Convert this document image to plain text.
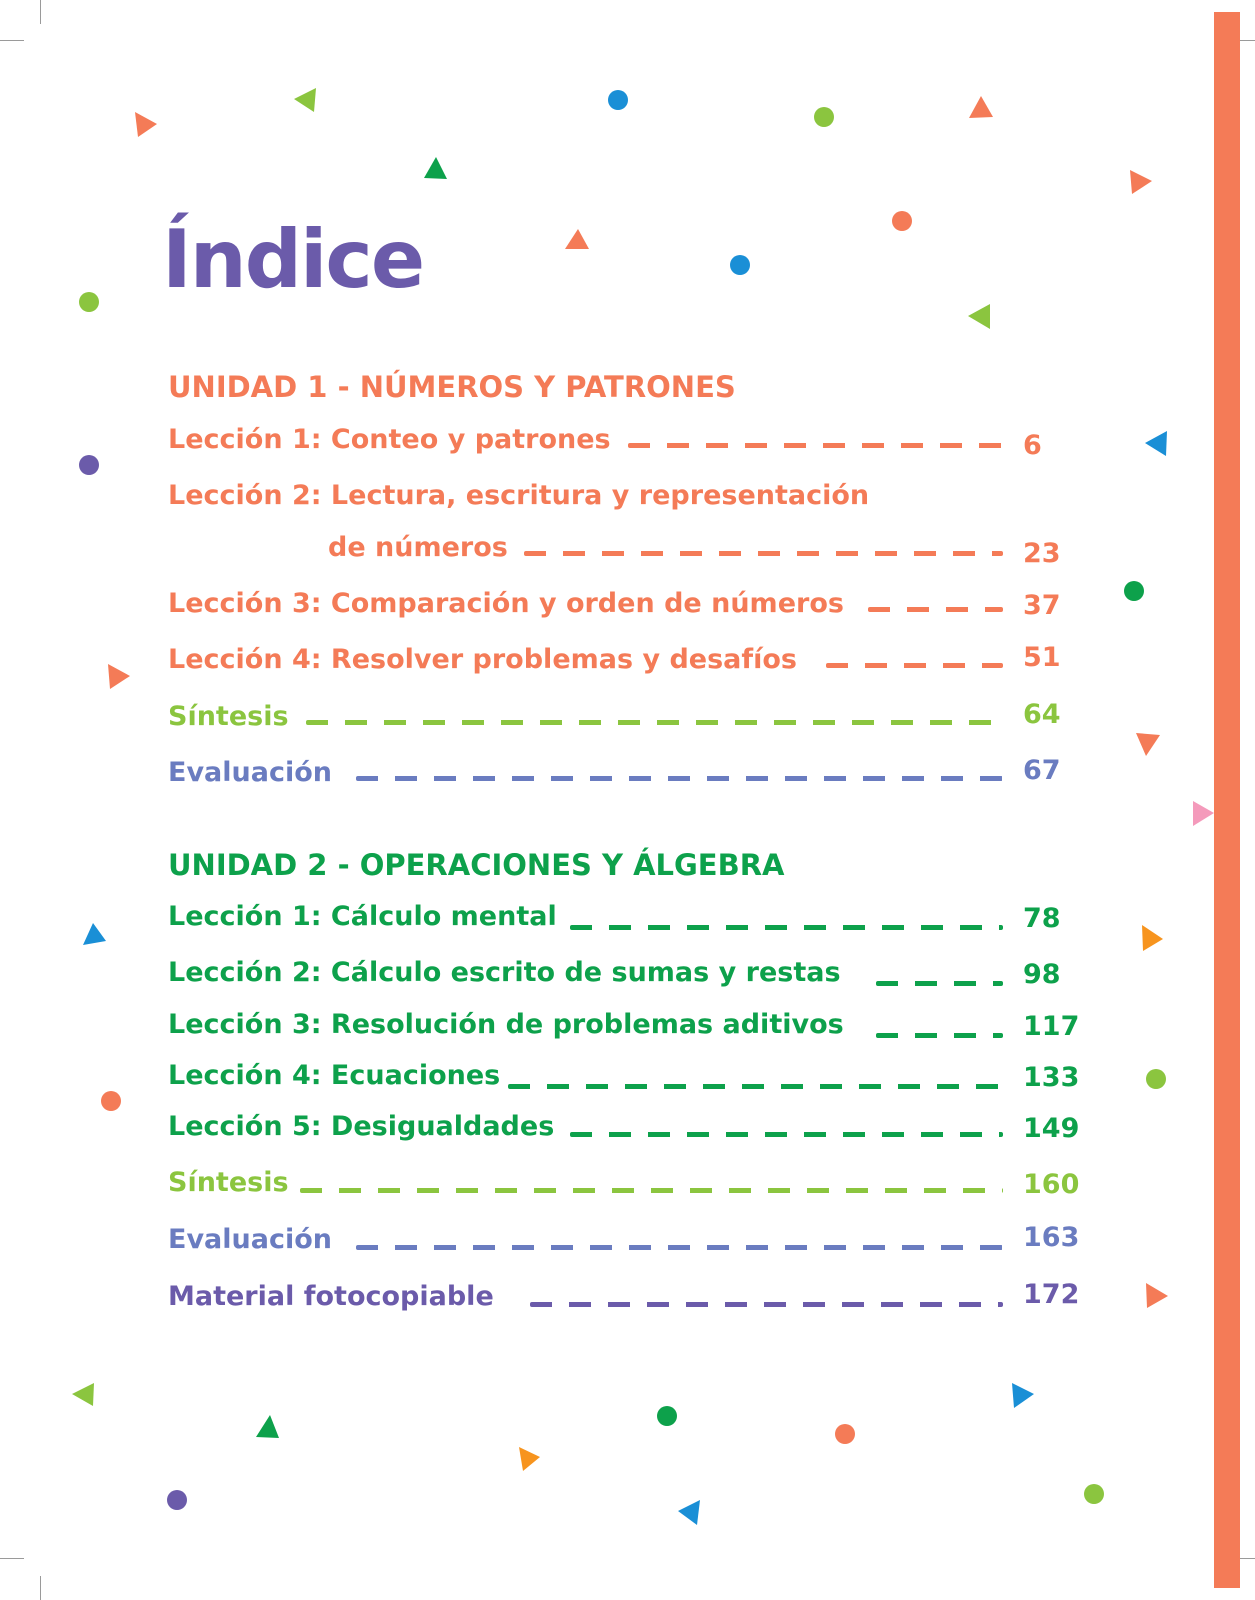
Índice
UNIDAD 1 - NÚMEROS Y PATRONES
Lección 1: Conteo y patrones	6
Lección 2: Lectura, escritura y representación
de números	23
Lección 3: Comparación y orden de números	37
Lección 4: Resolver problemas y desafíos	51
Síntesis	64
Evaluación	67
UNIDAD 2 - OPERACIONES Y ÁLGEBRA
Lección 1: Cálculo mental	78
Lección 2: Cálculo escrito de sumas y restas	98
Lección 3: Resolución de problemas aditivos	117
Lección 4: Ecuaciones	133
Lección 5: Desigualdades	149
Síntesis	160
Evaluación	163
Material fotocopiable	172
